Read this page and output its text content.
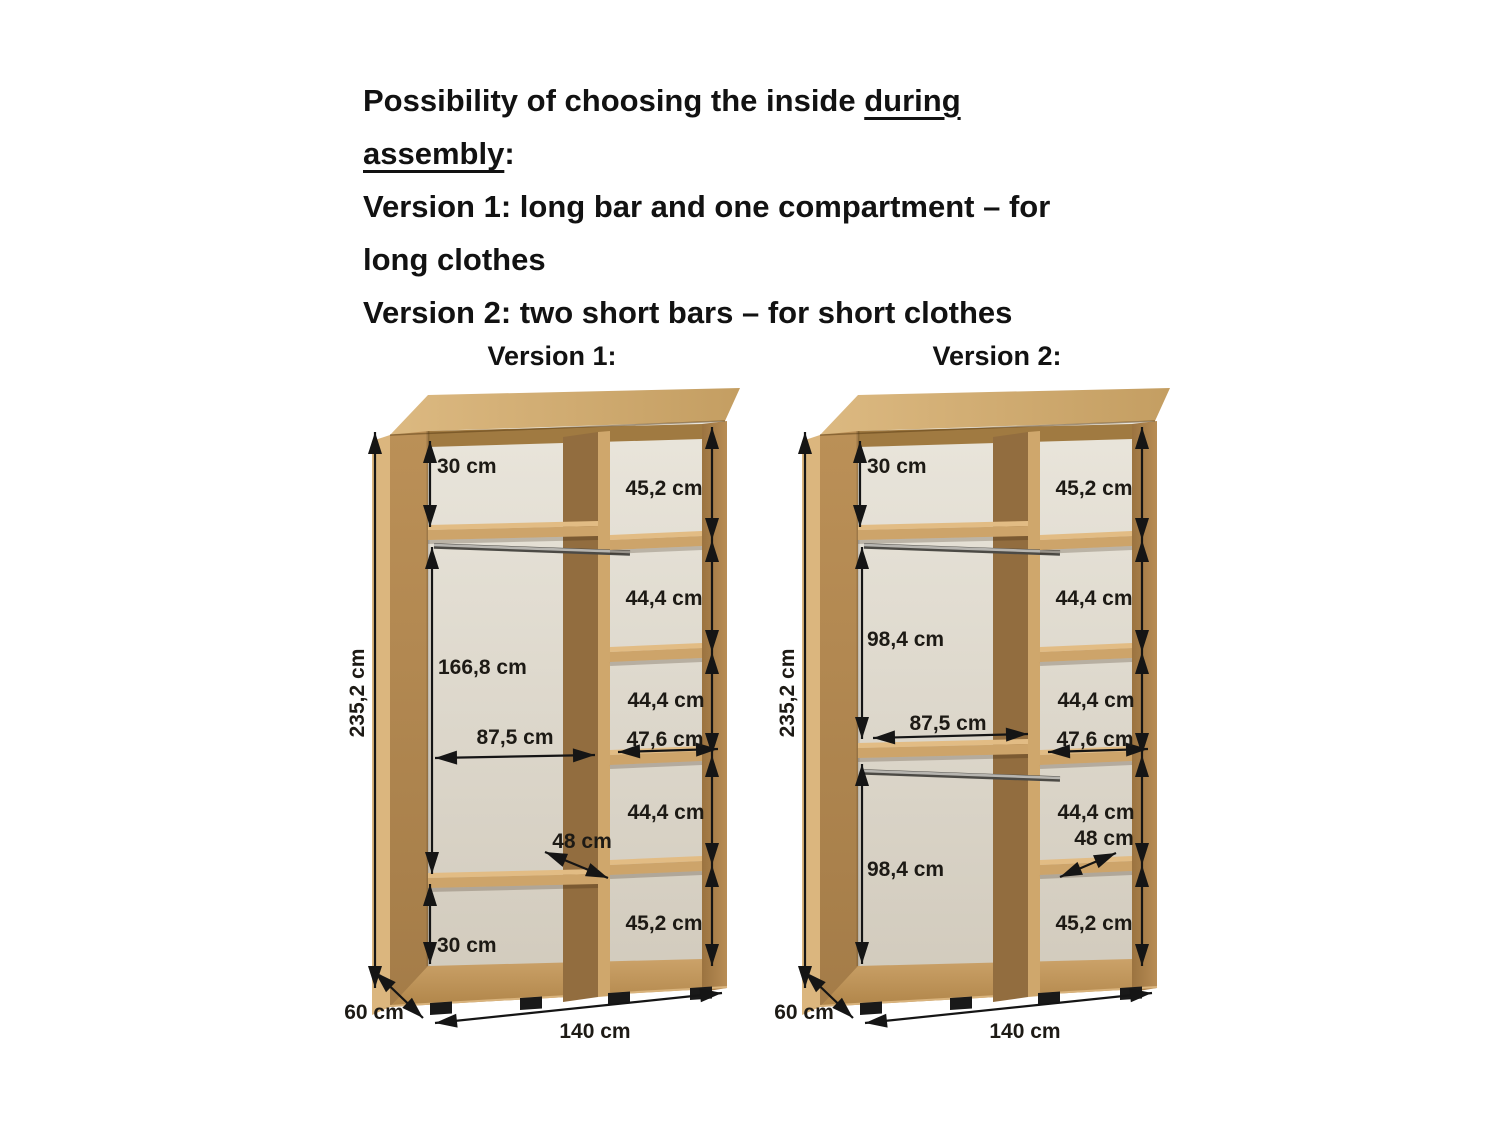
Possibility of choosing the inside during
assembly:

Version 1: long bar and one compartment – for
long clothes

Version 2: two short bars – for short clothes

Version 1:	Version 2:
235,2 cm
30 cm
166,8 cm
87,5 cm
48 cm
30 cm
45,2 cm
44,4 cm
44,4 cm
47,6 cm
44,4 cm
45,2 cm
60 cm
140 cm
235,2 cm
30 cm
98,4 cm
87,5 cm
98,4 cm
48 cm
45,2 cm
44,4 cm
44,4 cm
47,6 cm
44,4 cm
45,2 cm
60 cm
140 cm
